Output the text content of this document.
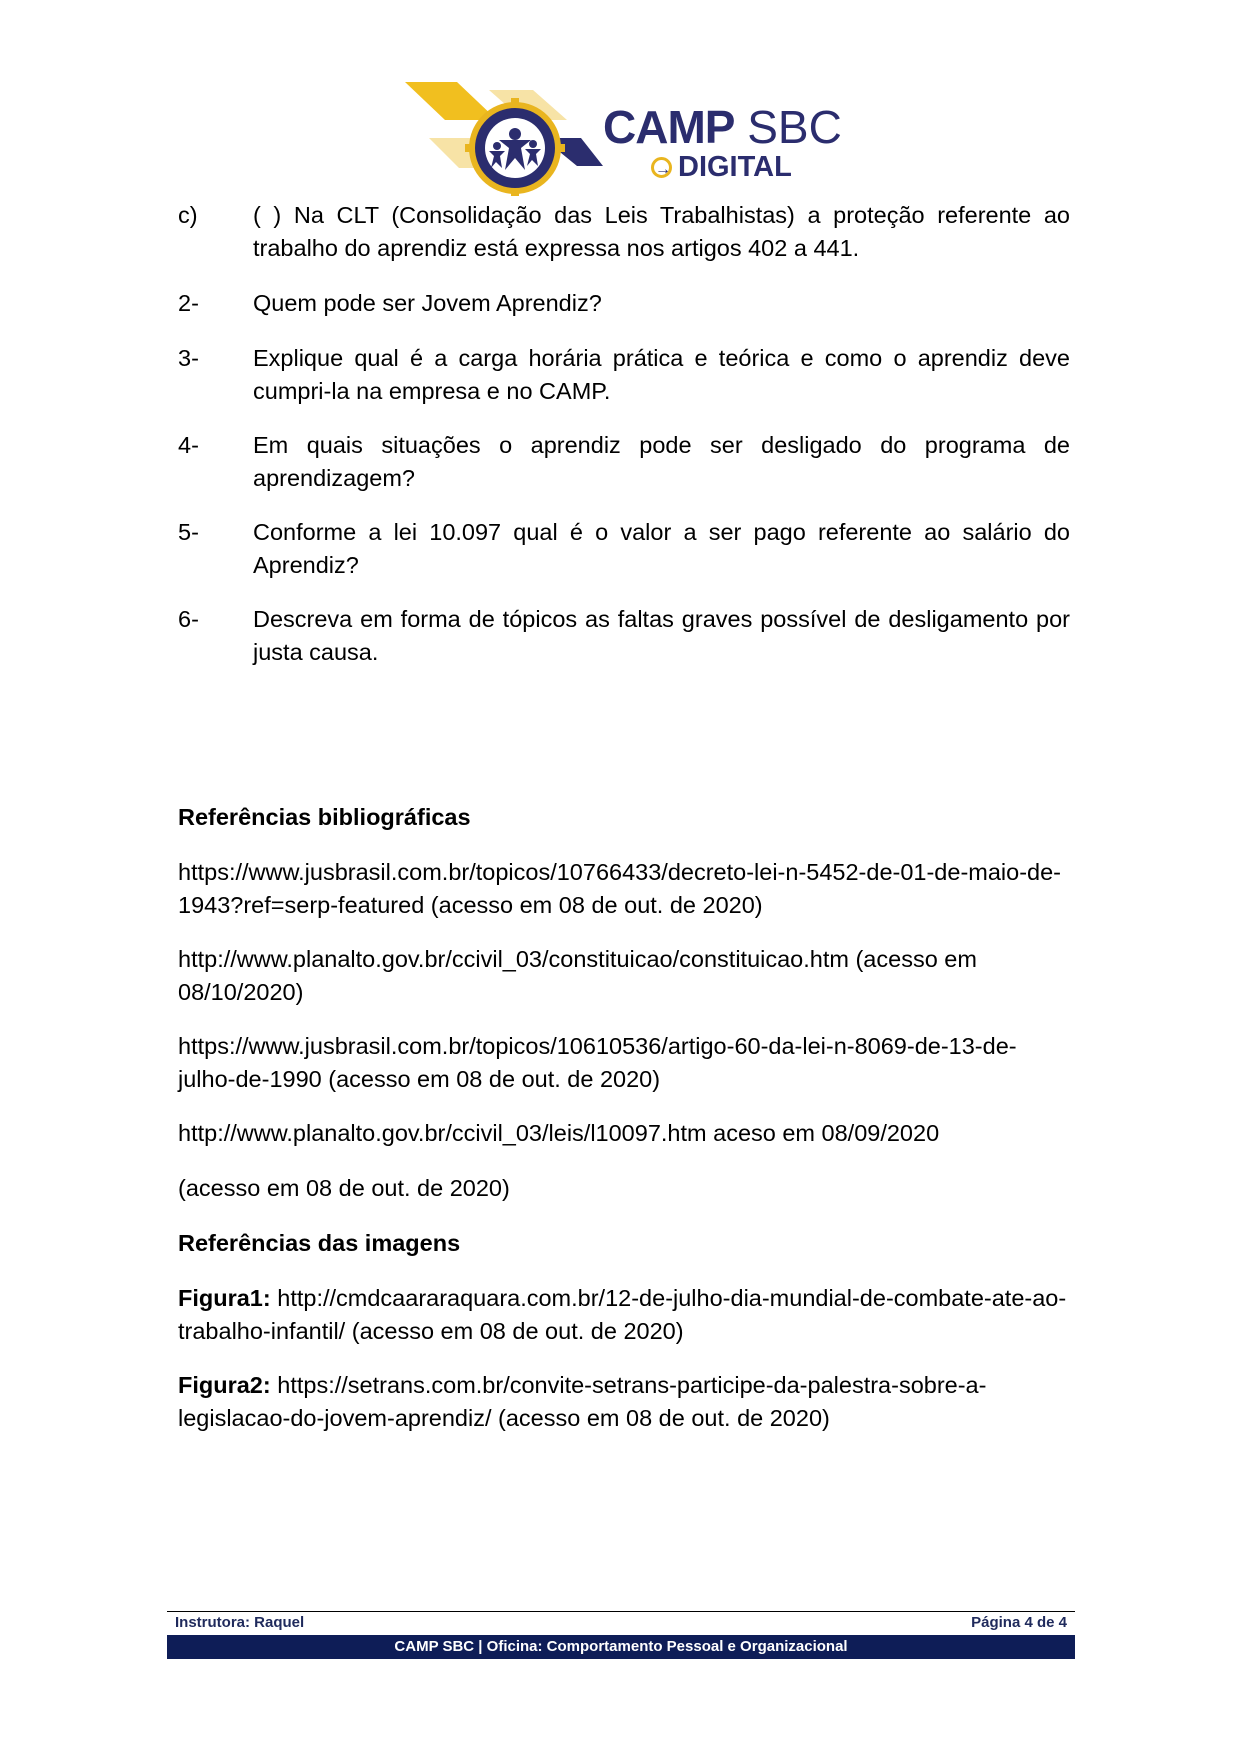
CAMP SBC
→
DIGITAL
c)	( ) Na CLT (Consolidação das Leis Trabalhistas) a proteção referente ao trabalho do aprendiz está expressa nos artigos 402 a 441.
2-	Quem pode ser Jovem Aprendiz?
3-	Explique qual é a carga horária prática e teórica e como o aprendiz deve cumpri-la na empresa e no CAMP.
4-	Em quais situações o aprendiz pode ser desligado do programa de aprendizagem?
5-	Conforme a lei 10.097 qual é o valor a ser pago referente ao salário do Aprendiz?
6-	Descreva em forma de tópicos as faltas graves possível de desligamento por justa causa.
Referências bibliográficas
https://www.jusbrasil.com.br/topicos/10766433/decreto-lei-n-5452-de-01-de-maio-de-1943?ref=serp-featured (acesso em 08 de out. de 2020)
http://www.planalto.gov.br/ccivil_03/constituicao/constituicao.htm (acesso em 08/10/2020)
https://www.jusbrasil.com.br/topicos/10610536/artigo-60-da-lei-n-8069-de-13-de-julho-de-1990 (acesso em 08 de out. de 2020)
http://www.planalto.gov.br/ccivil_03/leis/l10097.htm aceso em 08/09/2020
(acesso em 08 de out. de 2020)
Referências das imagens
Figura1: http://cmdcaararaquara.com.br/12-de-julho-dia-mundial-de-combate-ate-ao-trabalho-infantil/ (acesso em 08 de out. de 2020)
Figura2: https://setrans.com.br/convite-setrans-participe-da-palestra-sobre-a-legislacao-do-jovem-aprendiz/ (acesso em 08 de out. de 2020)
Instrutora: Raquel	Página 4 de 4
CAMP SBC | Oficina: Comportamento Pessoal e Organizacional
